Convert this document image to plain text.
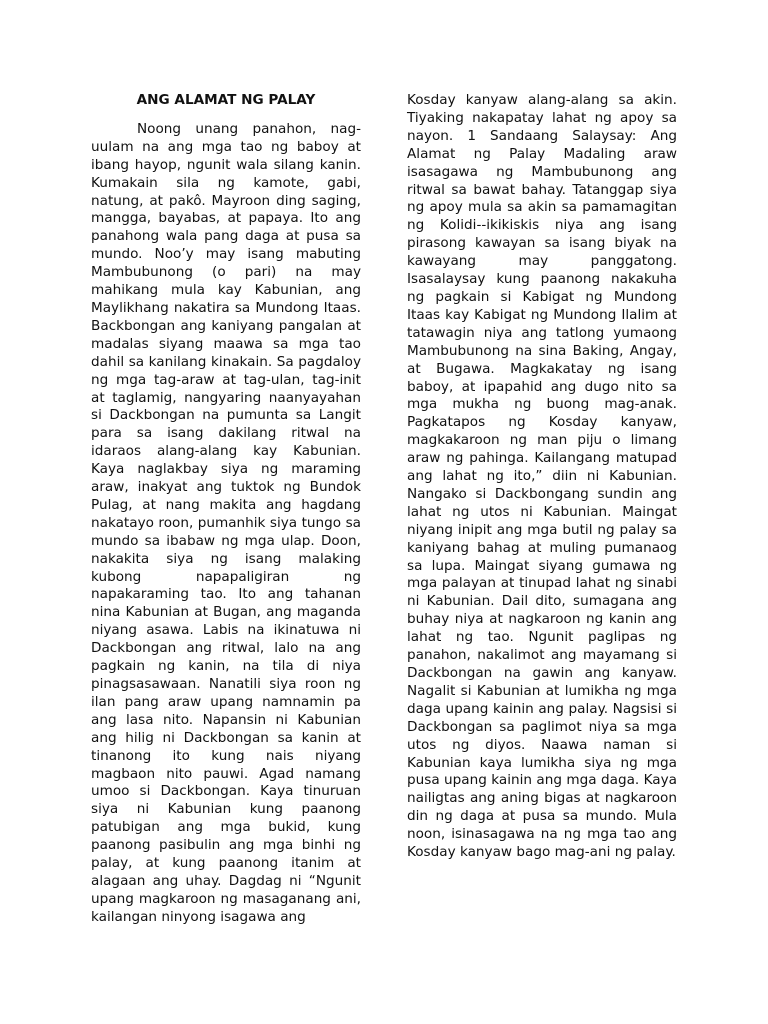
ANG ALAMAT NG PALAY

Noong unang panahon, nag-uulam na ang mga tao ng baboy at ibang hayop, ngunit wala silang kanin. Kumakain sila ng kamote, gabi, natung, at pakô. Mayroon ding saging, mangga, bayabas, at papaya. Ito ang panahong wala pang daga at pusa sa mundo. Noo’y may isang mabuting Mambubunong (o pari) na may mahikang mula kay Kabunian, ang Maylikhang nakatira sa Mundong Itaas. Backbongan ang kaniyang pangalan at madalas siyang maawa sa mga tao dahil sa kanilang kinakain. Sa pagdaloy ng mga tag-araw at tag-ulan, tag-init at taglamig, nangyaring naanyayahan si Dackbongan na pumunta sa Langit para sa isang dakilang ritwal na idaraos alang-alang kay Kabunian. Kaya naglakbay siya ng maraming araw, inakyat ang tuktok ng Bundok Pulag, at nang makita ang hagdang nakatayo roon, pumanhik siya tungo sa mundo sa ibabaw ng mga ulap. Doon, nakakita siya ng isang malaking kubong napapaligiran ng napakaraming tao. Ito ang tahanan nina Kabunian at Bugan, ang maganda niyang asawa. Labis na ikinatuwa ni Dackbongan ang ritwal, lalo na ang pagkain ng kanin, na tila di niya pinagsasawaan. Nanatili siya roon ng ilan pang araw upang namnamin pa ang lasa nito. Napansin ni Kabunian ang hilig ni Dackbongan sa kanin at tinanong ito kung nais niyang magbaon nito pauwi. Agad namang umoo si Dackbongan. Kaya tinuruan siya ni Kabunian kung paanong patubigan ang mga bukid, kung paanong pasibulin ang mga binhi ng palay, at kung paanong itanim at alagaan ang uhay. Dagdag ni “Ngunit upang magkaroon ng masaganang ani, kailangan ninyong isagawa ang

Kosday kanyaw alang-alang sa akin. Tiyaking nakapatay lahat ng apoy sa nayon. 1 Sandaang Salaysay: Ang Alamat ng Palay Madaling araw isasagawa ng Mambubunong ang ritwal sa bawat bahay. Tatanggap siya ng apoy mula sa akin sa pamamagitan ng Kolidi--ikikiskis niya ang isang pirasong kawayan sa isang biyak na kawayang may panggatong. Isasalaysay kung paanong nakakuha ng pagkain si Kabigat ng Mundong Itaas kay Kabigat ng Mundong Ilalim at tatawagin niya ang tatlong yumaong Mambubunong na sina Baking, Angay, at Bugawa. Magkakatay ng isang baboy, at ipapahid ang dugo nito sa mga mukha ng buong mag-anak. Pagkatapos ng Kosday kanyaw, magkakaroon ng man piju o limang araw ng pahinga. Kailangang matupad ang lahat ng ito,” diin ni Kabunian. Nangako si Dackbongang sundin ang lahat ng utos ni Kabunian. Maingat niyang inipit ang mga butil ng palay sa kaniyang bahag at muling pumanaog sa lupa. Maingat siyang gumawa ng mga palayan at tinupad lahat ng sinabi ni Kabunian. Dail dito, sumagana ang buhay niya at nagkaroon ng kanin ang lahat ng tao. Ngunit paglipas ng panahon, nakalimot ang mayamang si Dackbongan na gawin ang kanyaw. Nagalit si Kabunian at lumikha ng mga daga upang kainin ang palay. Nagsisi si Dackbongan sa paglimot niya sa mga utos ng diyos. Naawa naman si Kabunian kaya lumikha siya ng mga pusa upang kainin ang mga daga. Kaya nailigtas ang aning bigas at nagkaroon din ng daga at pusa sa mundo. Mula noon, isinasagawa na ng mga tao ang Kosday kanyaw bago mag-ani ng palay.
